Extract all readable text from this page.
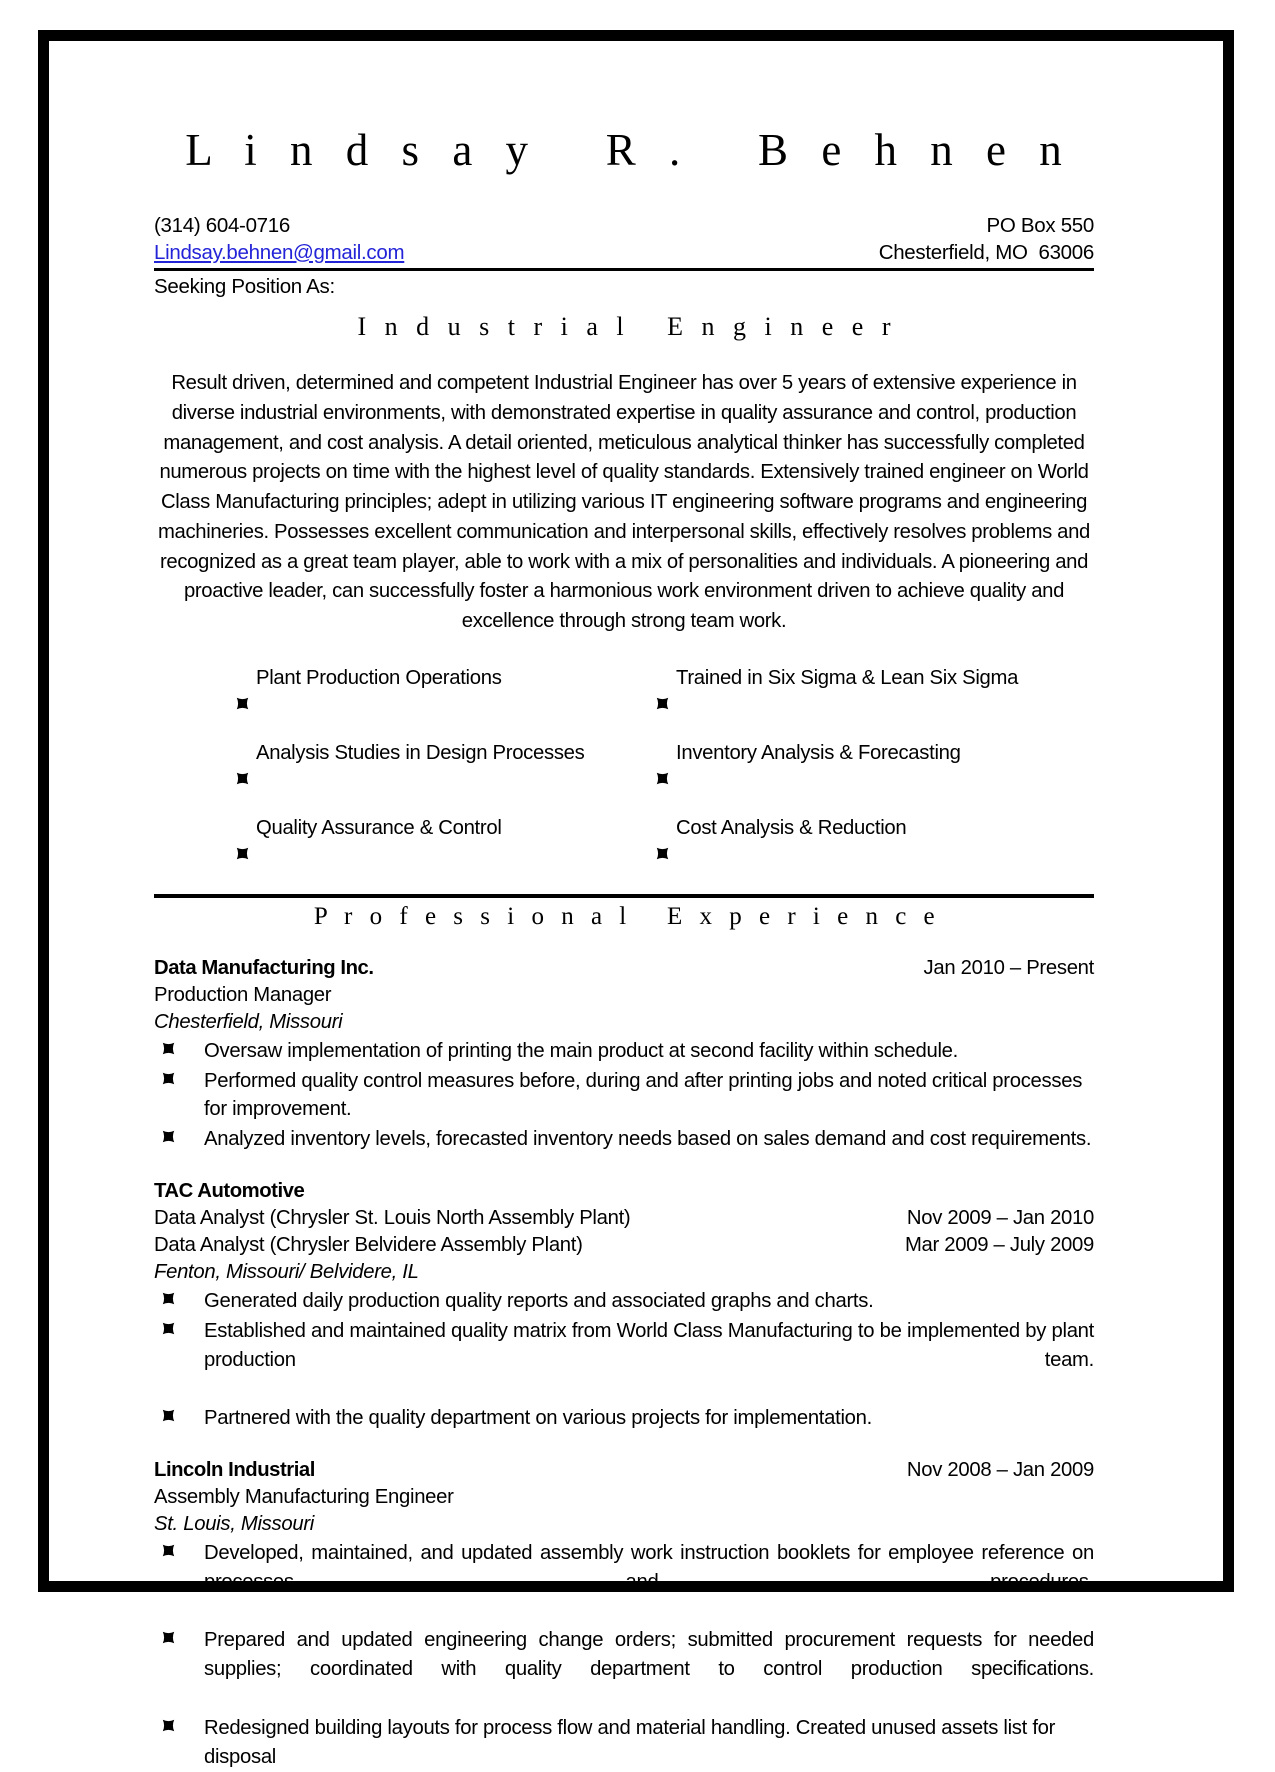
L i n d s a y   R .   B e h n e n
(314) 604-0716	PO Box 550
Lindsay.behnen@gmail.com	Chesterfield, MO  63006
Seeking Position As:
I n d u s t r i a l   E n g i n e e r

Result driven, determined and competent Industrial Engineer has over 5 years of extensive experience in diverse industrial environments, with demonstrated expertise in quality assurance and control, production management, and cost analysis. A detail oriented, meticulous analytical thinker has successfully completed numerous projects on time with the highest level of quality standards. Extensively trained engineer on World Class Manufacturing principles; adept in utilizing various IT engineering software programs and engineering machineries. Possesses excellent communication and interpersonal skills, effectively resolves problems and recognized as a great team player, able to work with a mix of personalities and individuals. A pioneering and proactive leader, can successfully foster a harmonious work environment driven to achieve quality and excellence through strong team work.

Plant Production Operations

Analysis Studies in Design Processes

Quality Assurance & Control

Trained in Six Sigma & Lean Six Sigma

Inventory Analysis & Forecasting

Cost Analysis & Reduction
P r o f e s s i o n a l   E x p e r i e n c e
Data Manufacturing Inc.	Jan 2010 – Present
Production Manager
Chesterfield, Missouri
Oversaw implementation of printing the main product at second facility within schedule.
Performed quality control measures before, during and after printing jobs and noted critical processes for improvement.
Analyzed inventory levels, forecasted inventory needs based on sales demand and cost requirements.
TAC Automotive
Data Analyst (Chrysler St. Louis North Assembly Plant)	Nov 2009 – Jan 2010
Data Analyst (Chrysler Belvidere Assembly Plant)	Mar 2009 – July 2009
Fenton, Missouri/ Belvidere, IL
Generated daily production quality reports and associated graphs and charts.
Established and maintained quality matrix from World Class Manufacturing to be implemented by plant production team.
Partnered with the quality department on various projects for implementation.
Lincoln Industrial	Nov 2008 – Jan 2009
Assembly Manufacturing Engineer
St. Louis, Missouri
Developed, maintained, and updated assembly work instruction booklets for employee reference on processes and procedures.
Prepared and updated engineering change orders; submitted procurement requests for needed supplies; coordinated with quality department to control production specifications.
Redesigned building layouts for process flow and material handling. Created unused assets list for disposal
